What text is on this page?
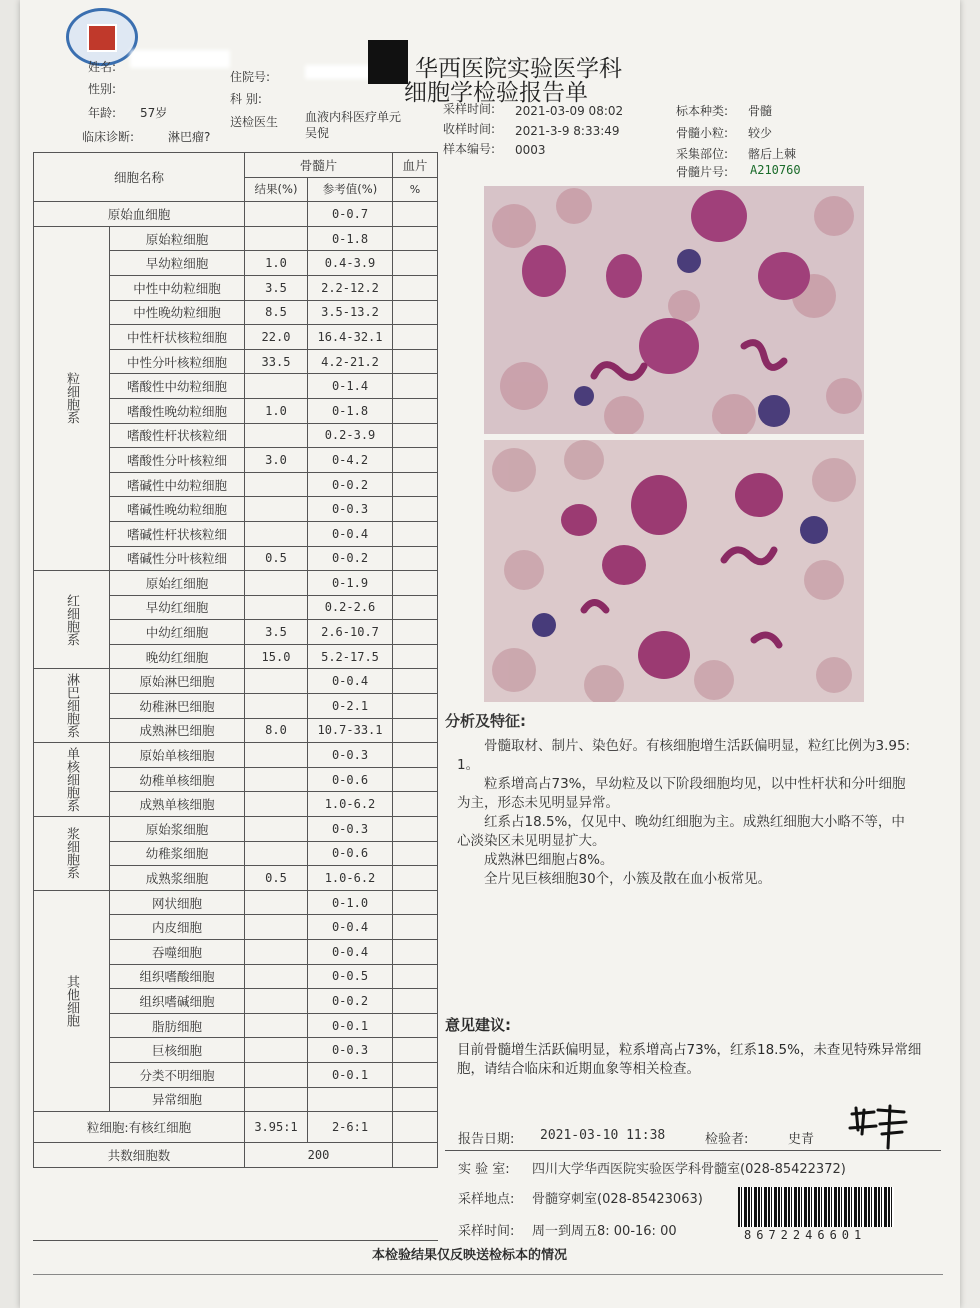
华西医院实验医学科
细胞学检验报告单
姓名:
性别:
年龄: 57岁
临床诊断:	淋巴瘤?
住院号:
科 别:
血液内科医疗单元
送检医生
吴倪
采样时间: 2021-03-09 08:02
收样时间: 2021-3-9 8:33:49
样本编号: 0003
标本种类: 骨髓
骨髓小粒: 较少
采集部位: 髂后上棘
骨髓片号: A210760
细胞名称		骨髓片		血片
		结果(%)	参考值(%)	%
原始血细胞			0-0.7	
粒细胞系	原始粒细胞		0-1.8	
	早幼粒细胞	1.0	0.4-3.9	
	中性中幼粒细胞	3.5	2.2-12.2	
	中性晚幼粒细胞	8.5	3.5-13.2	
	中性杆状核粒细胞	22.0	16.4-32.1	
	中性分叶核粒细胞	33.5	4.2-21.2	
	嗜酸性中幼粒细胞		0-1.4	
	嗜酸性晚幼粒细胞	1.0	0-1.8	
	嗜酸性杆状核粒细		0.2-3.9	
	嗜酸性分叶核粒细	3.0	0-4.2	
	嗜碱性中幼粒细胞		0-0.2	
	嗜碱性晚幼粒细胞		0-0.3	
	嗜碱性杆状核粒细		0-0.4	
	嗜碱性分叶核粒细	0.5	0-0.2	
红细胞系	原始红细胞		0-1.9	
	早幼红细胞		0.2-2.6	
	中幼红细胞	3.5	2.6-10.7	
	晚幼红细胞	15.0	5.2-17.5	
淋巴细胞系	原始淋巴细胞		0-0.4	
	幼稚淋巴细胞		0-2.1	
	成熟淋巴细胞	8.0	10.7-33.1	
单核细胞系	原始单核细胞		0-0.3	
	幼稚单核细胞		0-0.6	
	成熟单核细胞		1.0-6.2	
浆细胞系	原始浆细胞		0-0.3	
	幼稚浆细胞		0-0.6	
	成熟浆细胞	0.5	1.0-6.2	
其他细胞	网状细胞		0-1.0	
	内皮细胞		0-0.4	
	吞噬细胞		0-0.4	
	组织嗜酸细胞		0-0.5	
	组织嗜碱细胞		0-0.2	
	脂肪细胞		0-0.1	
	巨核细胞		0-0.3	
	分类不明细胞		0-0.1	
	异常细胞			
粒细胞:有核红细胞		3.95:1	2-6:1	
共数细胞数		200		
分析及特征:
骨髓取材、制片、染色好。有核细胞增生活跃偏明显，粒红比例为3.95: 1。
粒系增高占73%，早幼粒及以下阶段细胞均见，以中性杆状和分叶细胞为主，形态未见明显异常。
红系占18.5%，仅见中、晚幼红细胞为主。成熟红细胞大小略不等，中心淡染区未见明显扩大。
成熟淋巴细胞占8%。
全片见巨核细胞30个，小簇及散在血小板常见。
意见建议:
目前骨髓增生活跃偏明显，粒系增高占73%，红系18.5%，未查见特殊异常细胞，请结合临床和近期血象等相关检查。
报告日期: 2021-03-10 11:38	检验者:	史青
实 验 室: 四川大学华西医院实验医学科骨髓室(028-85422372)
采样地点: 骨髓穿刺室(028-85423063)
采样时间: 周一到周五8: 00-16: 00	8672246601
本检验结果仅反映送检标本的情况
